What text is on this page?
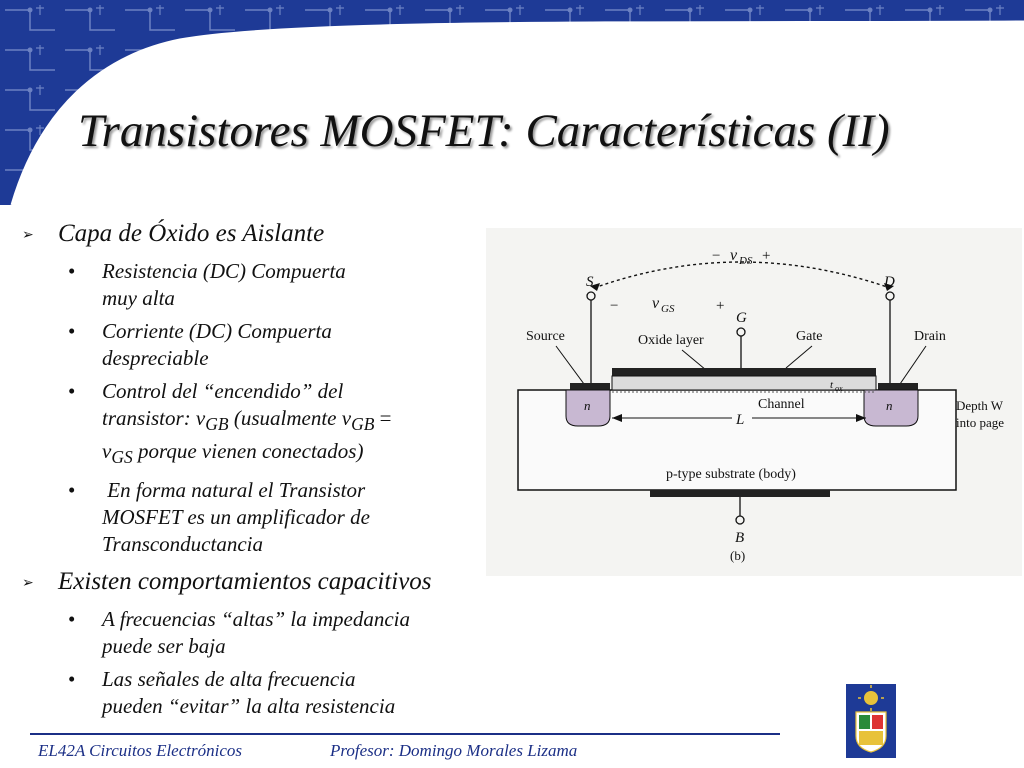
Transistores MOSFET: Características (II)
➢ Capa de Óxido es Aislante
• Resistencia (DC) Compuerta
muy alta
• Corriente (DC) Compuerta
despreciable
• Control del “encendido” del
transistor: $v_{GB}$ (usualmente $v_{GB}$ =
$v_{GS}$ porque vienen conectados)
• En forma natural el Transistor
MOSFET es un amplificador de
Transconductancia
➢ Existen comportamientos capacitivos
• A frecuencias “altas” la impedancia
puede ser baja
• Las señales de alta frecuencia
pueden “evitar” la alta resistencia
− v DS +
S	D
G
− v GS	+
Source	Oxide layer	Gate	Drain
t ox
n	n
Channel
L
Depth W
into page
p-type substrate (body)
B
(b)
EL42A Circuitos Electrónicos	Profesor: Domingo Morales Lizama
